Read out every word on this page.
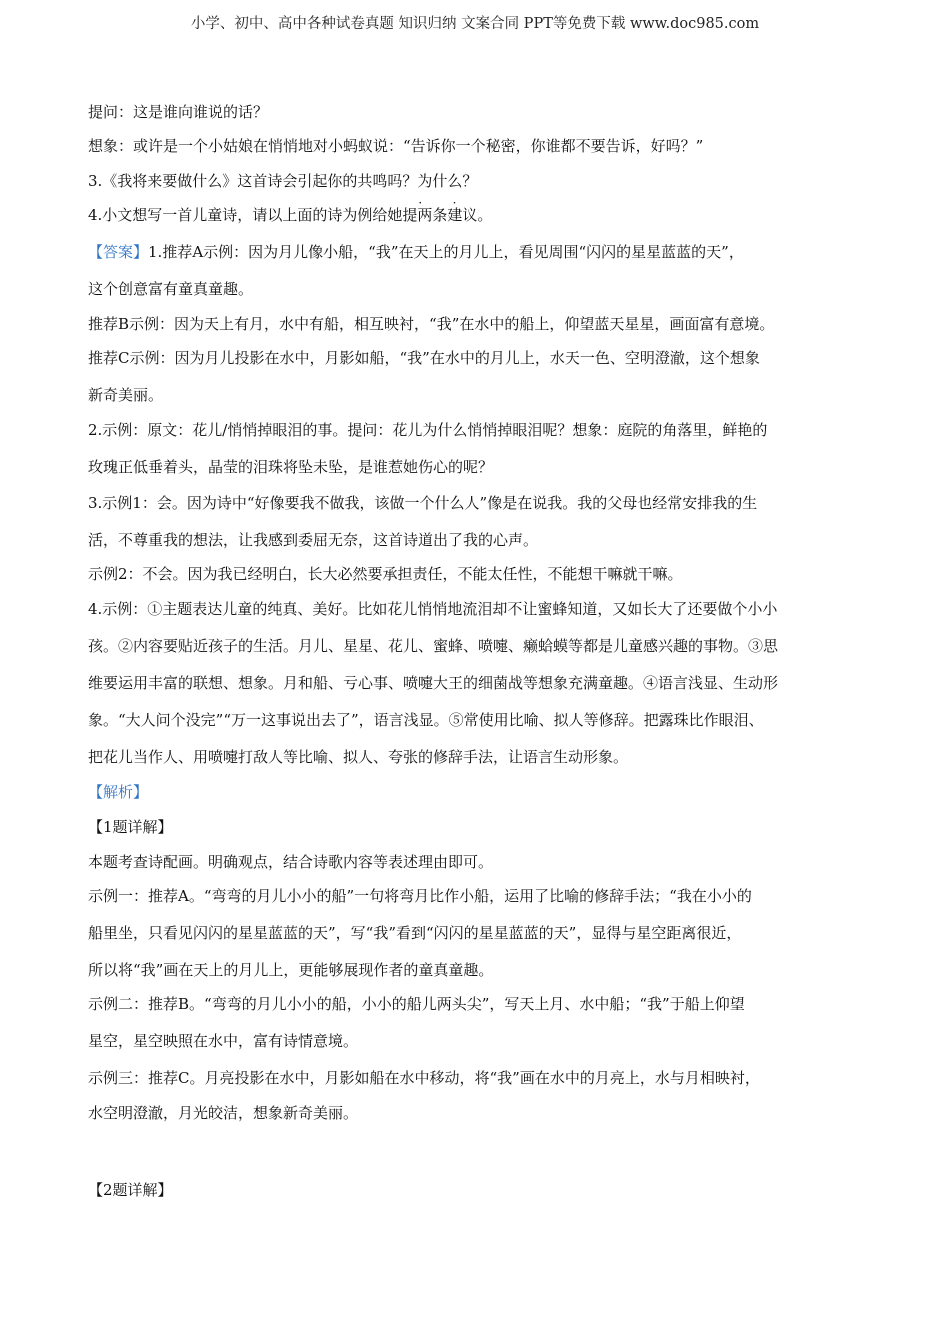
小学、初中、高中各种试卷真题 知识归纳 文案合同 PPT等免费下载 www.doc985.com
提问：这是谁向谁说的话？
想象：或许是一个小姑娘在悄悄地对小蚂蚁说：“告诉你一个秘密，你谁都不要告诉，好吗？”
3.《我将来要做什么》这首诗会引起你的共鸣吗？为什么？
4.小文想写一首儿童诗，请以上面的诗为例给她提两条建议。
【答案】1.推荐A示例：因为月儿像小船，“我”在天上的月儿上，看见周围“闪闪的星星蓝蓝的天”，
这个创意富有童真童趣。
推荐B示例：因为天上有月，水中有船，相互映衬，“我”在水中的船上，仰望蓝天星星，画面富有意境。
推荐C示例：因为月儿投影在水中，月影如船，“我”在水中的月儿上，水天一色、空明澄澈，这个想象
新奇美丽。
2.示例：原文：花儿/悄悄掉眼泪的事。提问：花儿为什么悄悄掉眼泪呢？想象：庭院的角落里，鲜艳的
玫瑰正低垂着头，晶莹的泪珠将坠未坠，是谁惹她伤心的呢？
3.示例1：会。因为诗中“好像要我不做我，该做一个什么人”像是在说我。我的父母也经常安排我的生
活，不尊重我的想法，让我感到委屈无奈，这首诗道出了我的心声。
示例2：不会。因为我已经明白，长大必然要承担责任，不能太任性，不能想干嘛就干嘛。
4.示例：①主题表达儿童的纯真、美好。比如花儿悄悄地流泪却不让蜜蜂知道，又如长大了还要做个小小
孩。②内容要贴近孩子的生活。月儿、星星、花儿、蜜蜂、喷嚏、癞蛤蟆等都是儿童感兴趣的事物。③思
维要运用丰富的联想、想象。月和船、亏心事、喷嚏大王的细菌战等想象充满童趣。④语言浅显、生动形
象。“大人问个没完”“万一这事说出去了”，语言浅显。⑤常使用比喻、拟人等修辞。把露珠比作眼泪、
把花儿当作人、用喷嚏打敌人等比喻、拟人、夸张的修辞手法，让语言生动形象。
【解析】
【1题详解】
本题考查诗配画。明确观点，结合诗歌内容等表述理由即可。
示例一：推荐A。“弯弯的月儿小小的船”一句将弯月比作小船，运用了比喻的修辞手法；“我在小小的
船里坐，只看见闪闪的星星蓝蓝的天”，写“我”看到“闪闪的星星蓝蓝的天”，显得与星空距离很近，
所以将“我”画在天上的月儿上，更能够展现作者的童真童趣。
示例二：推荐B。“弯弯的月儿小小的船，小小的船儿两头尖”，写天上月、水中船；“我”于船上仰望
星空，星空映照在水中，富有诗情意境。
示例三：推荐C。月亮投影在水中，月影如船在水中移动，将“我”画在水中的月亮上，水与月相映衬，
水空明澄澈，月光皎洁，想象新奇美丽。
【2题详解】
